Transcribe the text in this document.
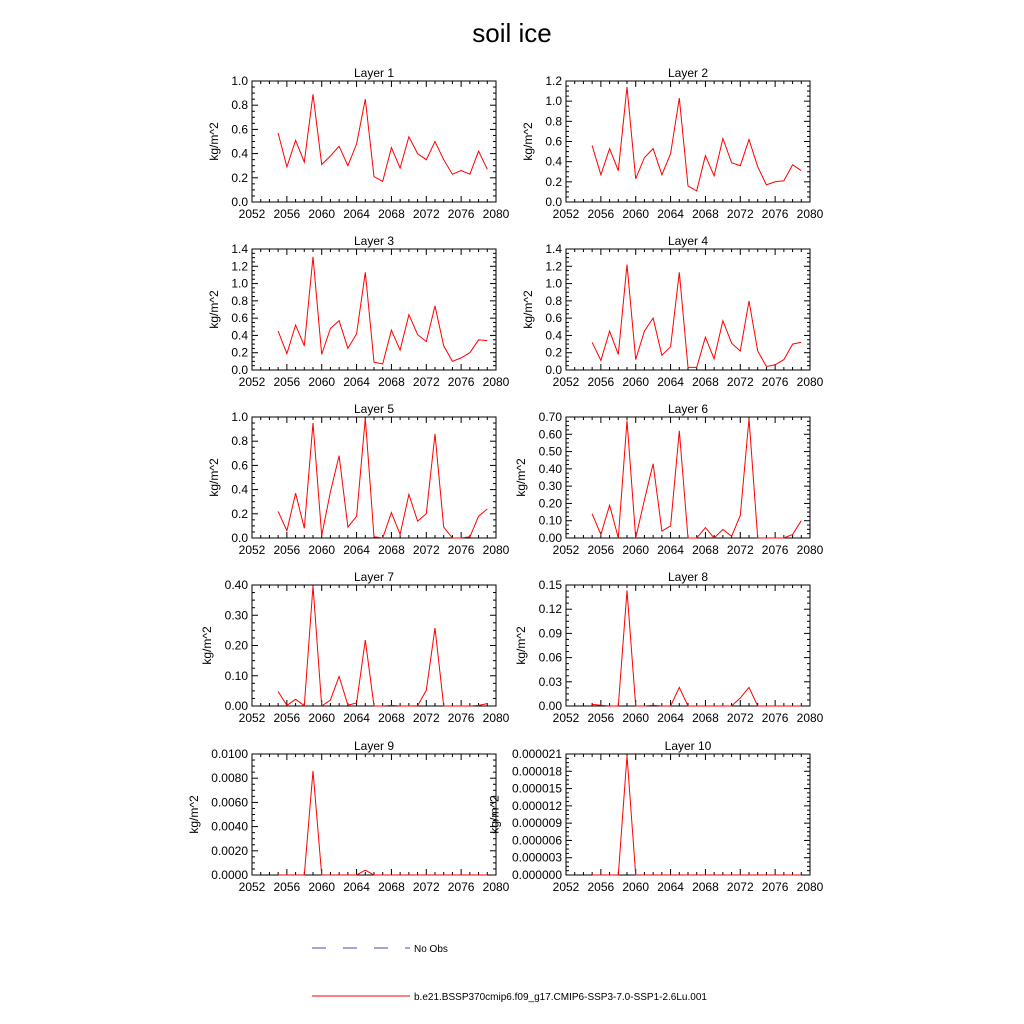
soil ice
Layer 1
2052 2056 2060 2064 2068 2072 2076 2080
0.0
0.2
0.4
0.6
0.8
1.0
kg/m^2
Layer 2
2052 2056 2060 2064 2068 2072 2076 2080
0.0
0.2
0.4
0.6
0.8
1.0
1.2
kg/m^2
Layer 3
2052 2056 2060 2064 2068 2072 2076 2080
0.0
0.2
0.4
0.6
0.8
1.0
1.2
1.4
kg/m^2
Layer 4
2052 2056 2060 2064 2068 2072 2076 2080
0.0
0.2
0.4
0.6
0.8
1.0
1.2
1.4
kg/m^2
Layer 5
2052 2056 2060 2064 2068 2072 2076 2080
0.0
0.2
0.4
0.6
0.8
1.0
kg/m^2
Layer 6
2052 2056 2060 2064 2068 2072 2076 2080
0.00
0.10
0.20
0.30
0.40
0.50
0.60
0.70
kg/m^2
Layer 7
2052 2056 2060 2064 2068 2072 2076 2080
0.00
0.10
0.20
0.30
0.40
kg/m^2
Layer 8
2052 2056 2060 2064 2068 2072 2076 2080
0.00
0.03
0.06
0.09
0.12
0.15
kg/m^2
Layer 9
2052 2056 2060 2064 2068 2072 2076 2080
0.0000
0.0020
0.0040
0.0060
0.0080
0.0100
kg/m^2
Layer 10
2052 2056 2060 2064 2068 2072 2076 2080
0.000000
0.000003
0.000006
0.000009
0.000012
0.000015
0.000018
0.000021
kg/m^2
No Obs
b.e21.BSSP370cmip6.f09_g17.CMIP6-SSP3-7.0-SSP1-2.6Lu.001
